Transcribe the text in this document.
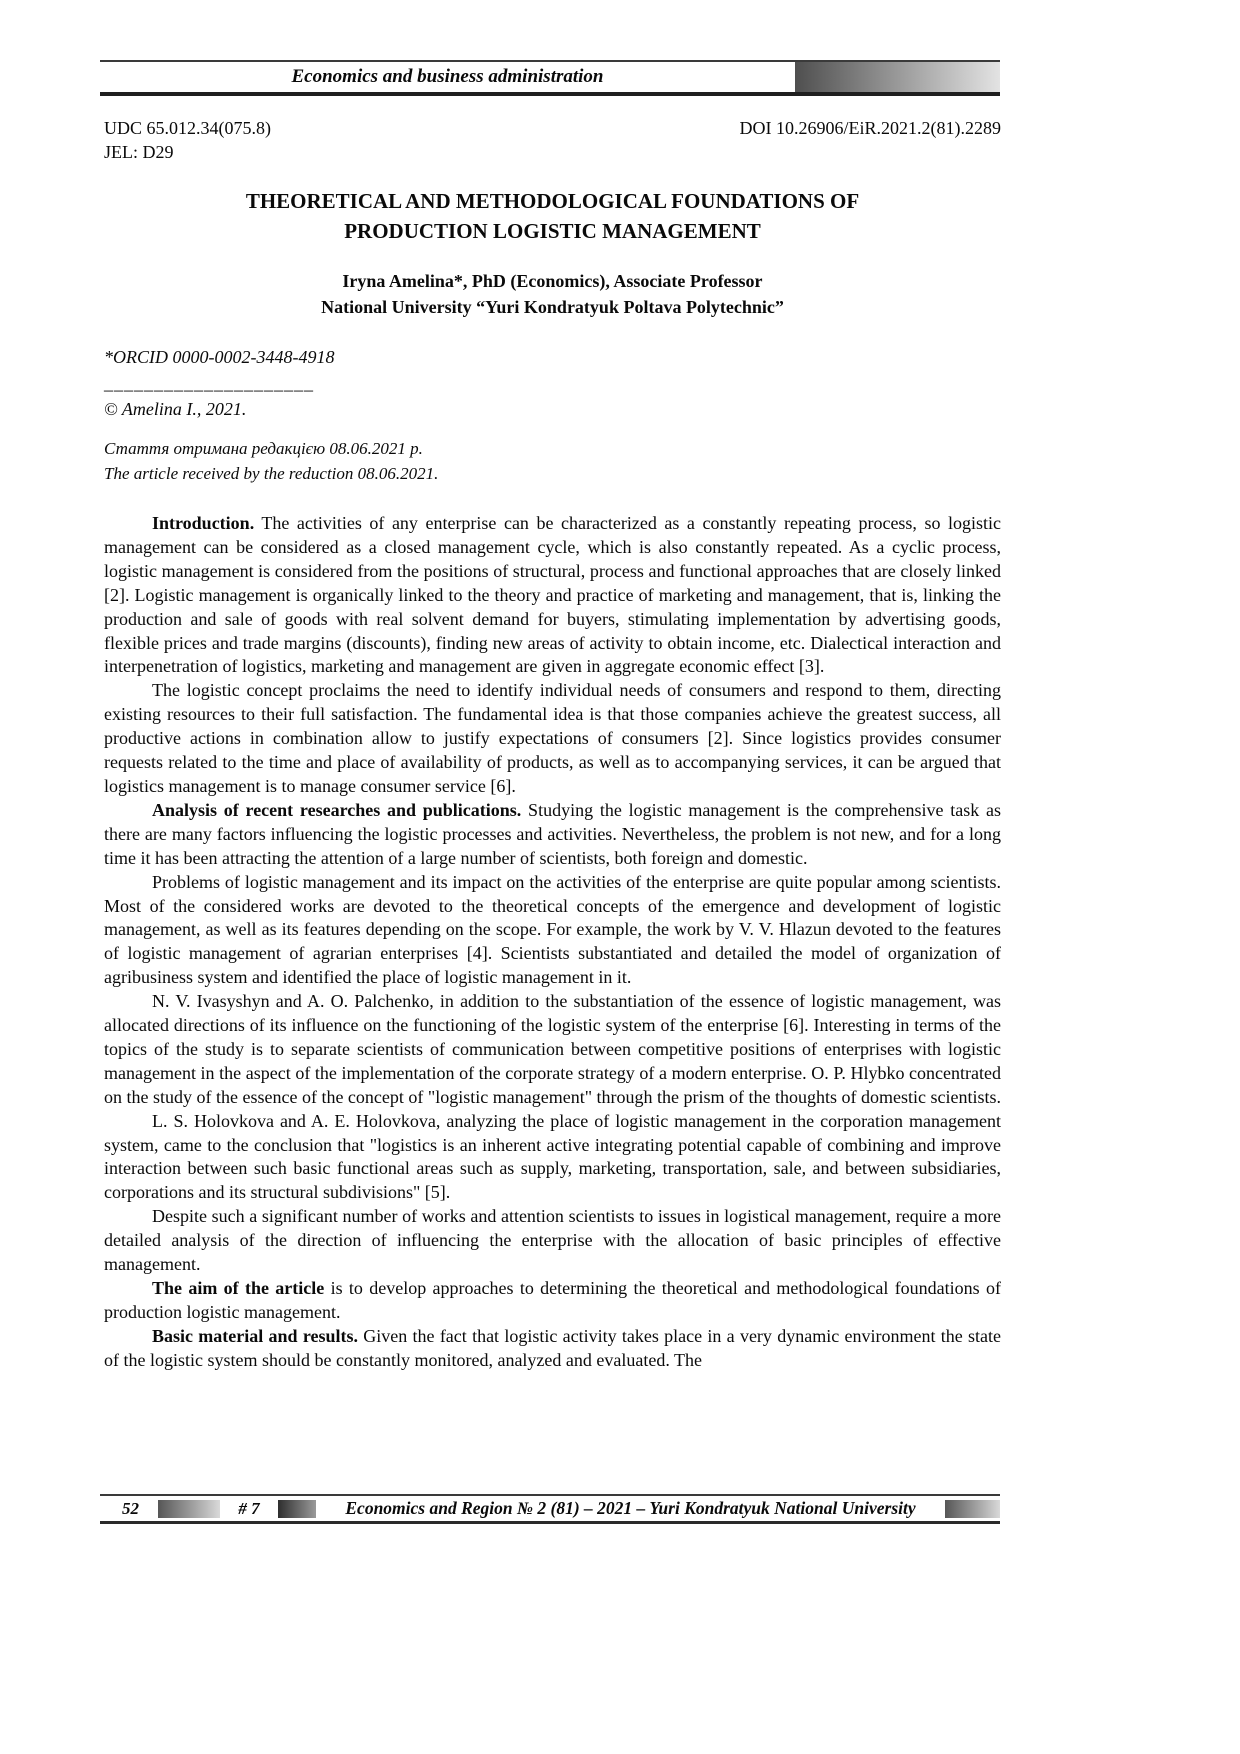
Economics and business administration
UDC 65.012.34(075.8)	DOI 10.26906/EiR.2021.2(81).2289
JEL: D29
THEORETICAL AND METHODOLOGICAL FOUNDATIONS OF
PRODUCTION LOGISTIC MANAGEMENT
Iryna Amelina*, PhD (Economics), Associate Professor
National University “Yuri Kondratyuk Poltava Polytechnic”
*ORCID 0000-0002-3448-4918
_____________________
© Amelina I., 2021.
Стаття отримана редакцією 08.06.2021 р.
The article received by the reduction 08.06.2021.

Introduction. The activities of any enterprise can be characterized as a constantly repeating process, so logistic management can be considered as a closed management cycle, which is also constantly repeated. As a cyclic process, logistic management is considered from the positions of structural, process and functional approaches that are closely linked [2]. Logistic management is organically linked to the theory and practice of marketing and management, that is, linking the production and sale of goods with real solvent demand for buyers, stimulating implementation by advertising goods, flexible prices and trade margins (discounts), finding new areas of activity to obtain income, etc. Dialectical interaction and interpenetration of logistics, marketing and management are given in aggregate economic effect [3].

The logistic concept proclaims the need to identify individual needs of consumers and respond to them, directing existing resources to their full satisfaction. The fundamental idea is that those companies achieve the greatest success, all productive actions in combination allow to justify expectations of consumers [2]. Since logistics provides consumer requests related to the time and place of availability of products, as well as to accompanying services, it can be argued that logistics management is to manage consumer service [6].

Analysis of recent researches and publications. Studying the logistic management is the comprehensive task as there are many factors influencing the logistic processes and activities. Nevertheless, the problem is not new, and for a long time it has been attracting the attention of a large number of scientists, both foreign and domestic.

Problems of logistic management and its impact on the activities of the enterprise are quite popular among scientists. Most of the considered works are devoted to the theoretical concepts of the emergence and development of logistic management, as well as its features depending on the scope. For example, the work by V. V. Hlazun devoted to the features of logistic management of agrarian enterprises [4]. Scientists substantiated and detailed the model of organization of agribusiness system and identified the place of logistic management in it.

N. V. Ivasyshyn and A. O. Palchenko, in addition to the substantiation of the essence of logistic management, was allocated directions of its influence on the functioning of the logistic system of the enterprise [6]. Interesting in terms of the topics of the study is to separate scientists of communication between competitive positions of enterprises with logistic management in the aspect of the implementation of the corporate strategy of a modern enterprise. O. P. Hlybko concentrated on the study of the essence of the concept of "logistic management" through the prism of the thoughts of domestic scientists.

L. S. Holovkova and A. E. Holovkova, analyzing the place of logistic management in the corporation management system, came to the conclusion that "logistics is an inherent active integrating potential capable of combining and improve interaction between such basic functional areas such as supply, marketing, transportation, sale, and between subsidiaries, corporations and its structural subdivisions" [5].

Despite such a significant number of works and attention scientists to issues in logistical management, require a more detailed analysis of the direction of influencing the enterprise with the allocation of basic principles of effective management.

The aim of the article is to develop approaches to determining the theoretical and methodological foundations of production logistic management.

Basic material and results. Given the fact that logistic activity takes place in a very dynamic environment the state of the logistic system should be constantly monitored, analyzed and evaluated. The

52	# 7	Economics and Region № 2 (81) – 2021 – Yuri Kondratyuk National University
